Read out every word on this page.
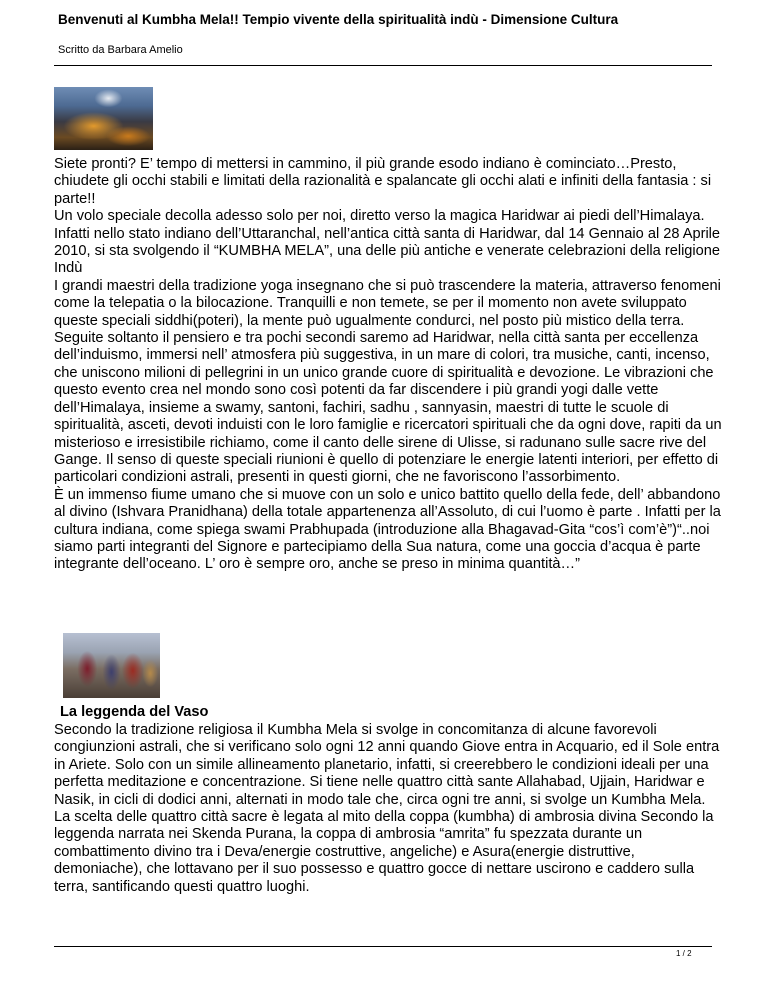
Benvenuti al Kumbha Mela!! Tempio vivente della spiritualità indù - Dimensione Cultura
Scritto da Barbara Amelio

Siete pronti? E’ tempo di mettersi in cammino, il più grande esodo indiano è cominciato…Presto, chiudete gli occhi stabili e limitati della razionalità e spalancate gli occhi alati e infiniti della fantasia : si parte!!

Un volo speciale decolla adesso solo per noi, diretto verso la magica Haridwar ai piedi dell’Himalaya. Infatti nello stato indiano dell’Uttaranchal, nell’antica città santa di Haridwar, dal 14 Gennaio al 28 Aprile 2010, si sta svolgendo il “KUMBHA MELA”, una delle più antiche e venerate celebrazioni della religione Indù

I grandi maestri della tradizione yoga insegnano che si può trascendere la materia, attraverso fenomeni come la telepatia o la bilocazione. Tranquilli e non temete, se per il momento non avete sviluppato queste speciali siddhi(poteri), la mente può ugualmente condurci, nel posto più mistico della terra. Seguite soltanto il pensiero e tra pochi secondi saremo ad Haridwar, nella città santa per eccellenza dell’induismo, immersi nell’ atmosfera più suggestiva, in un mare di colori, tra musiche, canti, incenso, che uniscono milioni di pellegrini in un unico grande cuore di spiritualità e devozione. Le vibrazioni che questo evento crea nel mondo sono così potenti da far discendere i più grandi yogi dalle vette dell’Himalaya, insieme a swamy, santoni, fachiri, sadhu , sannyasin, maestri di tutte le scuole di spiritualità, asceti, devoti induisti con le loro famiglie e ricercatori spirituali che da ogni dove, rapiti da un misterioso e irresistibile richiamo, come il canto delle sirene di Ulisse, si radunano sulle sacre rive del Gange. Il senso di queste speciali riunioni è quello di potenziare le energie latenti interiori, per effetto di particolari condizioni astrali, presenti in questi giorni, che ne favoriscono l’assorbimento.

È un immenso fiume umano che si muove con un solo e unico battito quello della fede, dell’ abbandono al divino (Ishvara Pranidhana) della totale appartenenza all’Assoluto, di cui l’uomo è parte . Infatti per la cultura indiana, come spiega swami Prabhupada (introduzione alla Bhagavad-Gita “cos’ì com’è”)“..noi siamo parti integranti del Signore e partecipiamo della Sua natura, come una goccia d’acqua è parte integrante dell’oceano. L’ oro è sempre oro, anche se preso in minima quantità…”

La leggenda del Vaso

Secondo la tradizione religiosa il Kumbha Mela si svolge in concomitanza di alcune favorevoli congiunzioni astrali, che si verificano solo ogni 12 anni quando Giove entra in Acquario, ed il Sole entra in Ariete. Solo con un simile allineamento planetario, infatti, si creerebbero le condizioni ideali per una perfetta meditazione e concentrazione. Si tiene nelle quattro città sante Allahabad, Ujjain, Haridwar e Nasik, in cicli di dodici anni, alternati in modo tale che, circa ogni tre anni, si svolge un Kumbha Mela. La scelta delle quattro città sacre è legata al mito della coppa (kumbha) di ambrosia divina Secondo la leggenda narrata nei Skenda Purana, la coppa di ambrosia “amrita” fu spezzata durante un combattimento divino tra i Deva/energie costruttive, angeliche) e Asura(energie distruttive, demoniache), che lottavano per il suo possesso e quattro gocce di nettare uscirono e caddero sulla terra, santificando questi quattro luoghi.

1 / 2
